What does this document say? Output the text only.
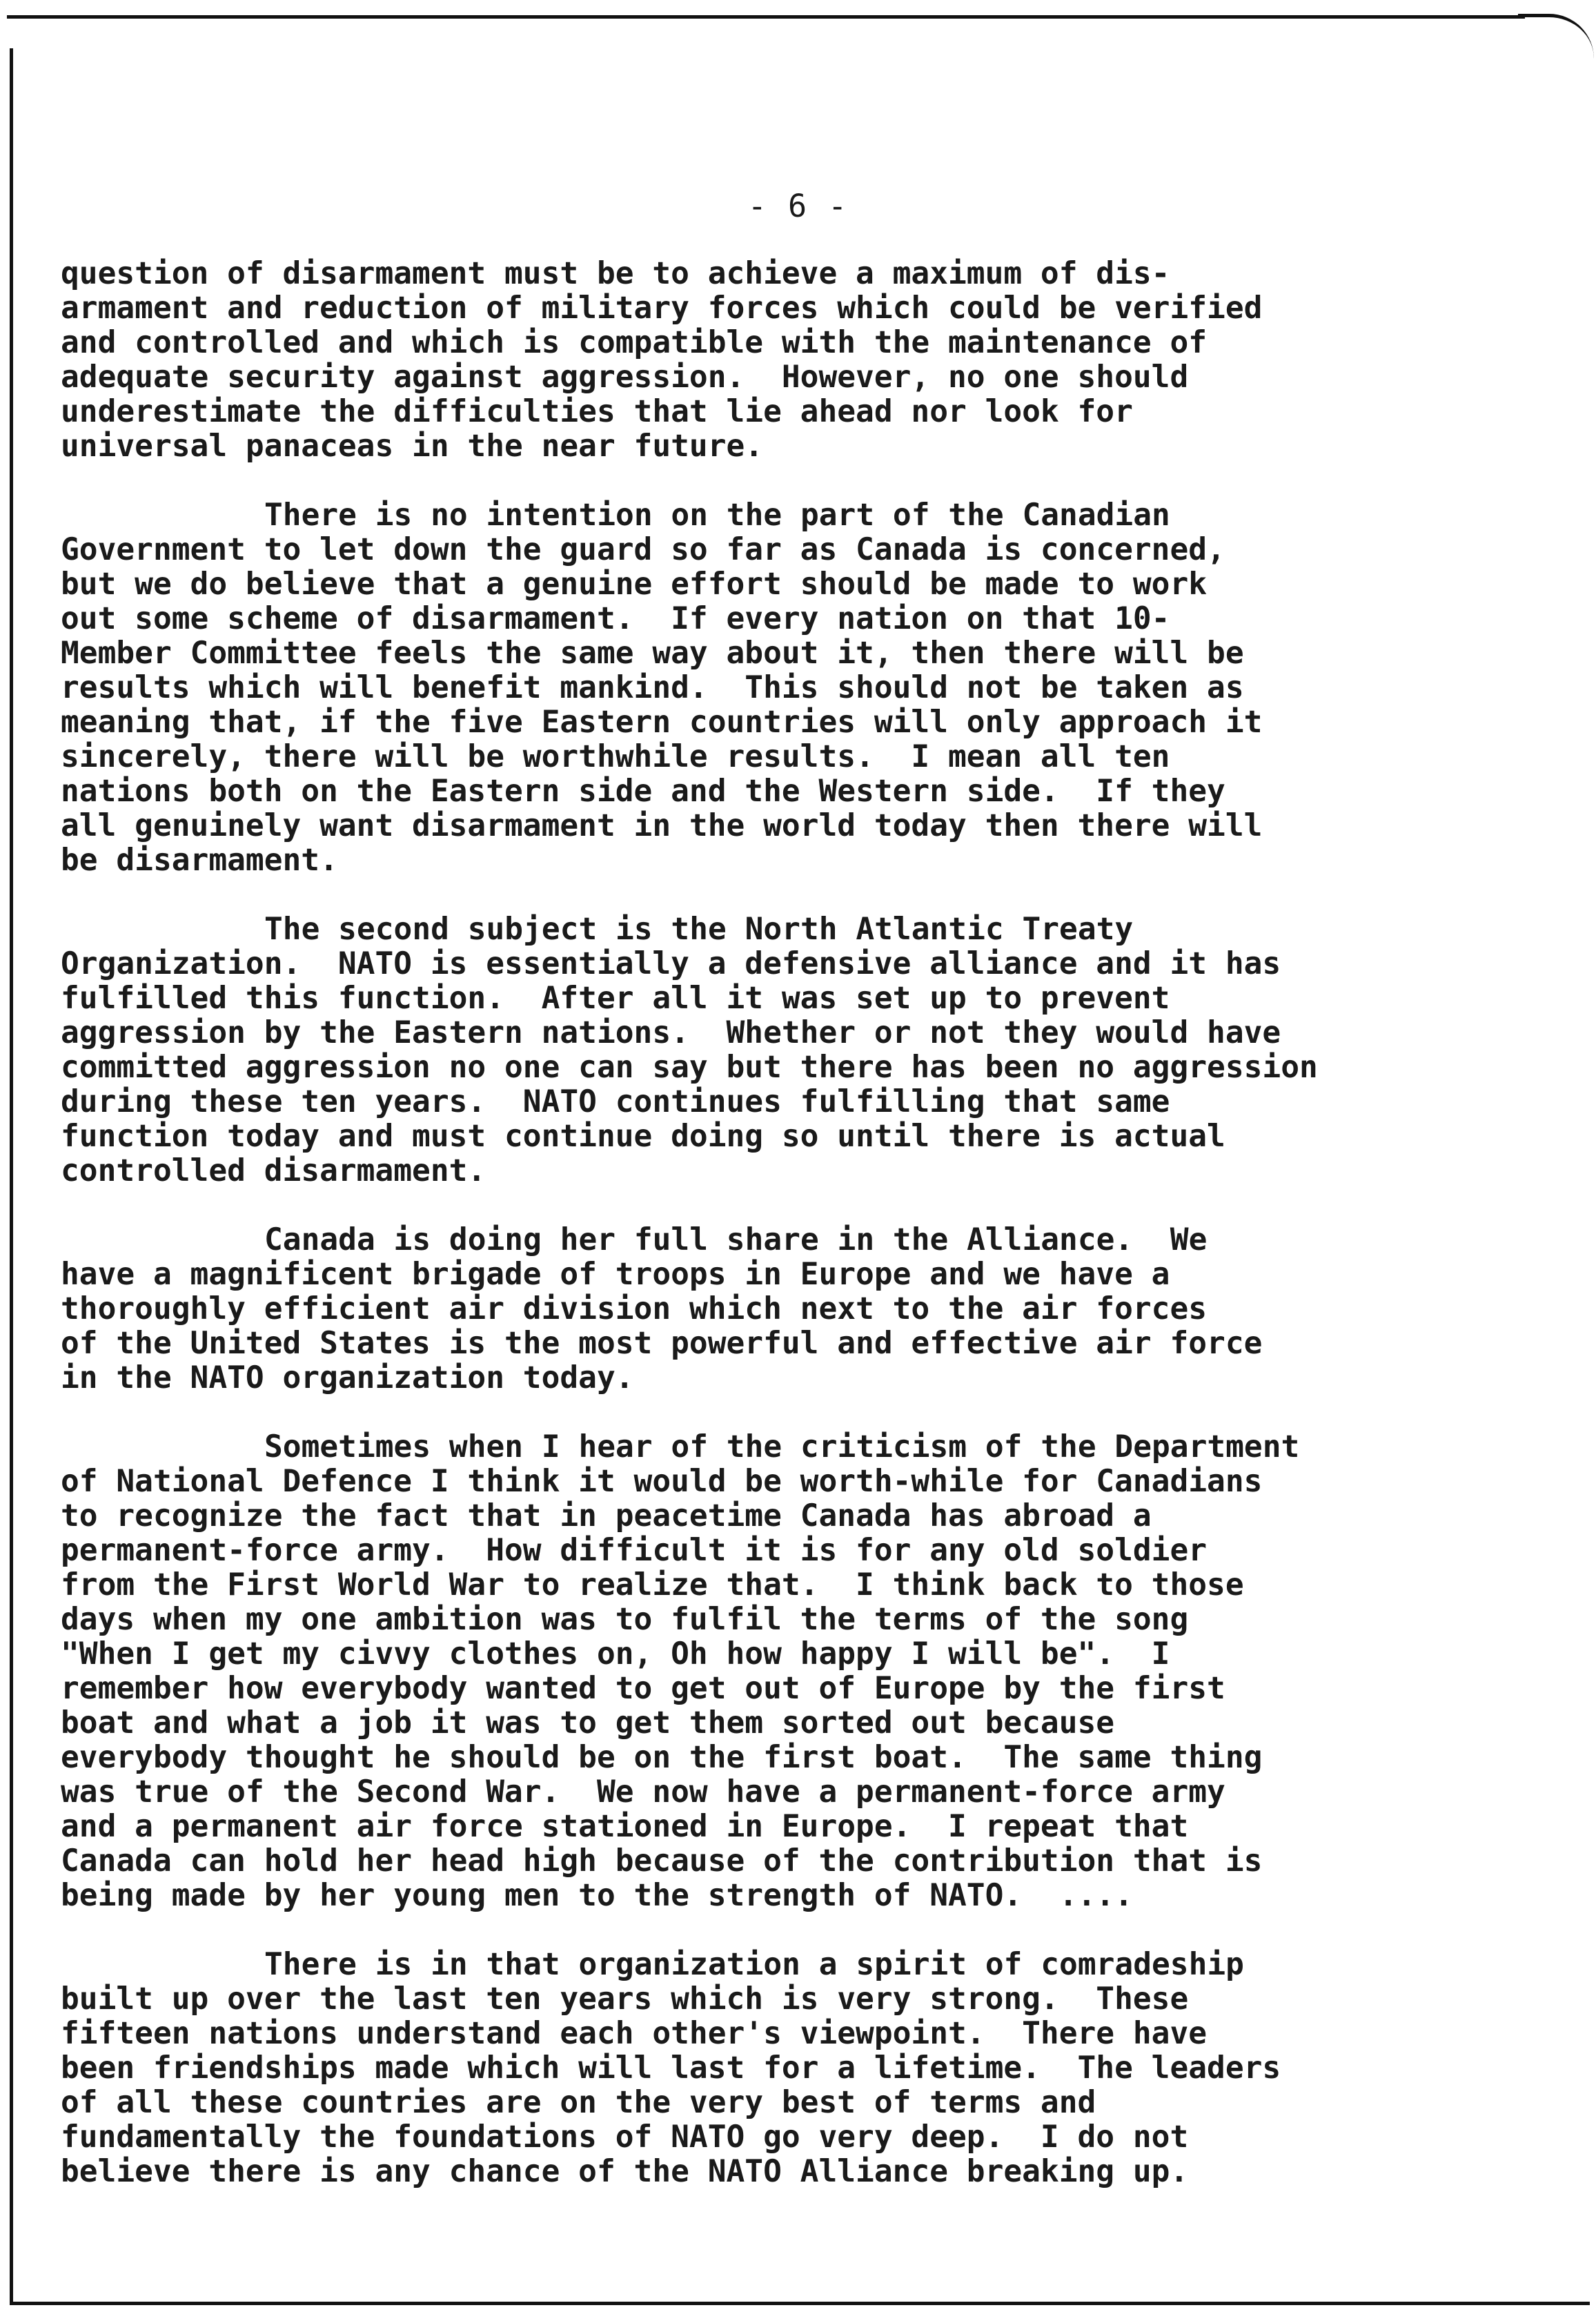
- 6 -
question of disarmament must be to achieve a maximum of dis-
armament and reduction of military forces which could be verified
and controlled and which is compatible with the maintenance of
adequate security against aggression.  However, no one should
underestimate the difficulties that lie ahead nor look for
universal panaceas in the near future.
There is no intention on the part of the Canadian
Government to let down the guard so far as Canada is concerned,
but we do believe that a genuine effort should be made to work
out some scheme of disarmament.  If every nation on that 10-
Member Committee feels the same way about it, then there will be
results which will benefit mankind.  This should not be taken as
meaning that, if the five Eastern countries will only approach it
sincerely, there will be worthwhile results.  I mean all ten
nations both on the Eastern side and the Western side.  If they
all genuinely want disarmament in the world today then there will
be disarmament.
The second subject is the North Atlantic Treaty
Organization.  NATO is essentially a defensive alliance and it has
fulfilled this function.  After all it was set up to prevent
aggression by the Eastern nations.  Whether or not they would have
committed aggression no one can say but there has been no aggression
during these ten years.  NATO continues fulfilling that same
function today and must continue doing so until there is actual
controlled disarmament.
Canada is doing her full share in the Alliance.  We
have a magnificent brigade of troops in Europe and we have a
thoroughly efficient air division which next to the air forces
of the United States is the most powerful and effective air force
in the NATO organization today.
Sometimes when I hear of the criticism of the Department
of National Defence I think it would be worth-while for Canadians
to recognize the fact that in peacetime Canada has abroad a
permanent-force army.  How difficult it is for any old soldier
from the First World War to realize that.  I think back to those
days when my one ambition was to fulfil the terms of the song
"When I get my civvy clothes on, Oh how happy I will be".  I
remember how everybody wanted to get out of Europe by the first
boat and what a job it was to get them sorted out because
everybody thought he should be on the first boat.  The same thing
was true of the Second War.  We now have a permanent-force army
and a permanent air force stationed in Europe.  I repeat that
Canada can hold her head high because of the contribution that is
being made by her young men to the strength of NATO.  ....
There is in that organization a spirit of comradeship
built up over the last ten years which is very strong.  These
fifteen nations understand each other's viewpoint.  There have
been friendships made which will last for a lifetime.  The leaders
of all these countries are on the very best of terms and
fundamentally the foundations of NATO go very deep.  I do not
believe there is any chance of the NATO Alliance breaking up.
